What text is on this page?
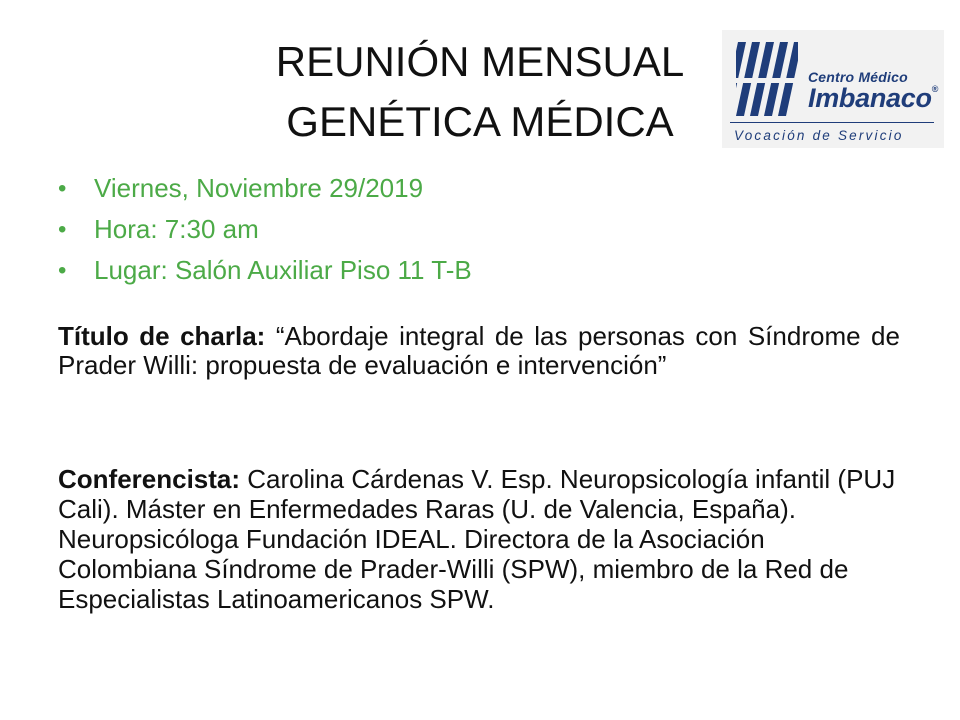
REUNIÓN MENSUAL
GENÉTICA MÉDICA
Centro Médico
Imbanaco®
Vocación de Servicio
• Viernes, Noviembre 29/2019
• Hora: 7:30 am
• Lugar: Salón Auxiliar Piso 11 T-B

Título de charla: “Abordaje integral de las personas con Síndrome de Prader Willi: propuesta de evaluación e intervención”

Conferencista: Carolina Cárdenas V. Esp. Neuropsicología infantil (PUJ Cali). Máster en Enfermedades Raras (U. de Valencia, España). Neuropsicóloga Fundación IDEAL. Directora de la Asociación Colombiana Síndrome de Prader-Willi (SPW), miembro de la Red de Especialistas Latinoamericanos SPW.
